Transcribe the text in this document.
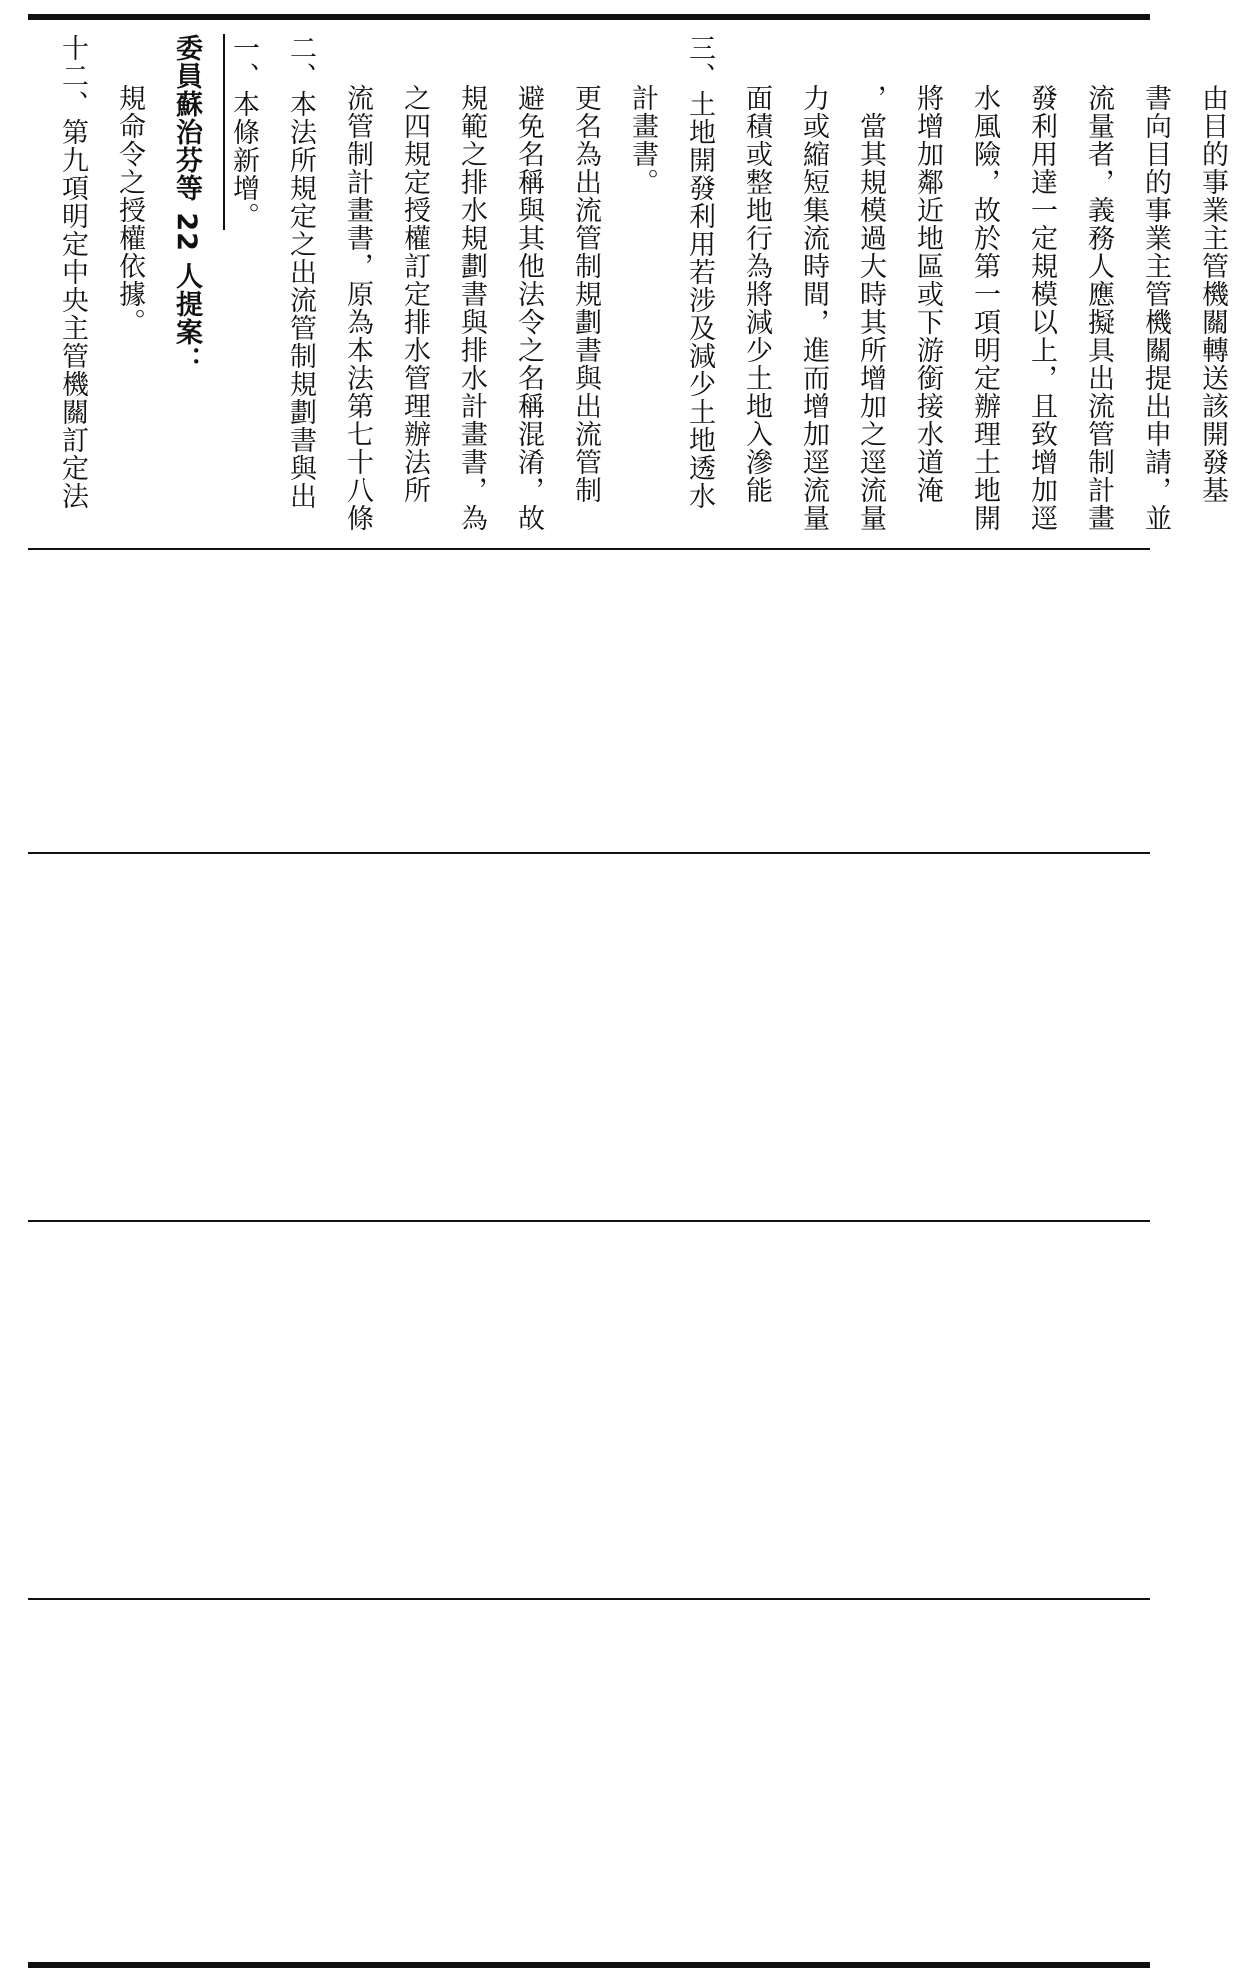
十二、第九項明定中央主管機關訂定法 規命令之授權依據。 委員蘇治芬等 22 人提案： 一、本條新增。 二、本法所規定之出流管制規劃書與出 流管制計畫書，原為本法第七十八條 之四規定授權訂定排水管理辦法所 規範之排水規劃書與排水計畫書，為 避免名稱與其他法令之名稱混淆，故 更名為出流管制規劃書與出流管制 計畫書。 三、土地開發利用若涉及減少土地透水 面積或整地行為將減少土地入滲能 力或縮短集流時間，進而增加逕流量 ，當其規模過大時其所增加之逕流量 將增加鄰近地區或下游銜接水道淹 水風險，故於第一項明定辦理土地開 發利用達一定規模以上，且致增加逕 流量者，義務人應擬具出流管制計畫 書向目的事業主管機關提出申請，並 由目的事業主管機關轉送該開發基
